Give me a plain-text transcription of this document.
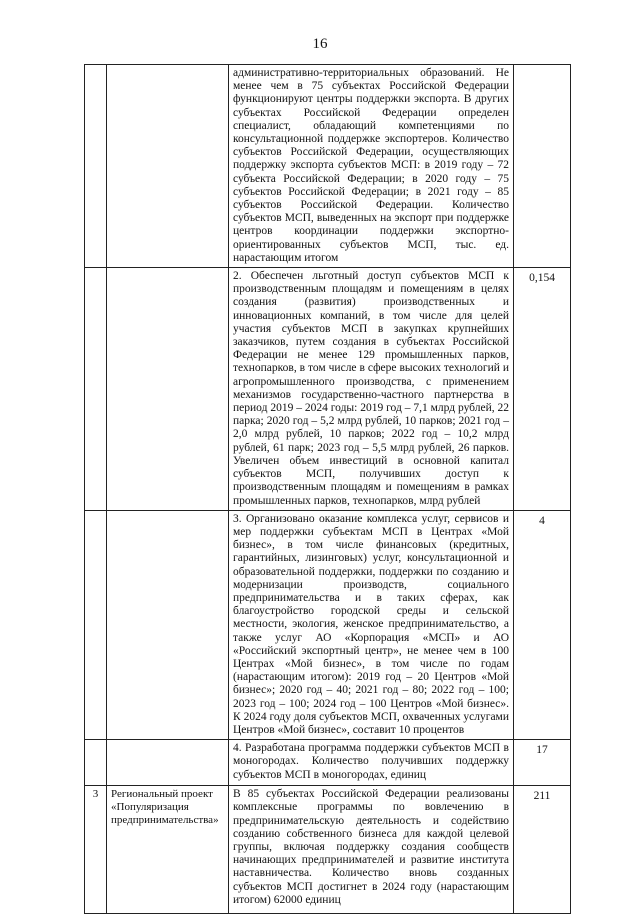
16
		административно-территориальных образований. Не менее чем в 75 субъектах Российской Федерации функционируют центры поддержки экспорта. В других субъектах Российской Федерации определен специалист, обладающий компетенциями по консультационной поддержке экспортеров. Количество субъектов Российской Федерации, осуществляющих поддержку экспорта субъектов МСП: в 2019 году – 72 субъекта Российской Федерации; в 2020 году – 75 субъектов Российской Федерации; в 2021 году – 85 субъектов Российской Федерации. Количество субъектов МСП, выведенных на экспорт при поддержке центров координации поддержки экспортно-ориентированных субъектов МСП, тыс. ед. нарастающим итогом	
		2. Обеспечен льготный доступ субъектов МСП к производственным площадям и помещениям в целях создания (развития) производственных и инновационных компаний, в том числе для целей участия субъектов МСП в закупках крупнейших заказчиков, путем создания в субъектах Российской Федерации не менее 129 промышленных парков, технопарков, в том числе в сфере высоких технологий и агропромышленного производства, с применением механизмов государственно-частного партнерства в период 2019 – 2024 годы: 2019 год – 7,1 млрд рублей, 22 парка; 2020 год – 5,2 млрд рублей, 10 парков; 2021 год – 2,0 млрд рублей, 10 парков; 2022 год – 10,2 млрд рублей, 61 парк; 2023 год – 5,5 млрд рублей, 26 парков. Увеличен объем инвестиций в основной капитал субъектов МСП, получивших доступ к производственным площадям и помещениям в рамках промышленных парков, технопарков, млрд рублей	0,154
		3. Организовано оказание комплекса услуг, сервисов и мер поддержки субъектам МСП в Центрах «Мой бизнес», в том числе финансовых (кредитных, гарантийных, лизинговых) услуг, консультационной и образовательной поддержки, поддержки по созданию и модернизации производств, социального предпринимательства и в таких сферах, как благоустройство городской среды и сельской местности, экология, женское предпринимательство, а также услуг АО «Корпорация «МСП» и АО «Российский экспортный центр», не менее чем в 100 Центрах «Мой бизнес», в том числе по годам (нарастающим итогом): 2019 год – 20 Центров «Мой бизнес»; 2020 год – 40; 2021 год – 80; 2022 год – 100; 2023 год – 100; 2024 год – 100 Центров «Мой бизнес». К 2024 году доля субъектов МСП, охваченных услугами Центров «Мой бизнес», составит 10 процентов	4
		4. Разработана программа поддержки субъектов МСП в моногородах. Количество получивших поддержку субъектов МСП в моногородах, единиц	17
3	Региональный проект «Популяризация предпринимательства»	В 85 субъектах Российской Федерации реализованы комплексные программы по вовлечению в предпринимательскую деятельность и содействию созданию собственного бизнеса для каждой целевой группы, включая поддержку создания сообществ начинающих предпринимателей и развитие института наставничества. Количество вновь созданных субъектов МСП достигнет в 2024 году (нарастающим итогом) 62000 единиц	211
